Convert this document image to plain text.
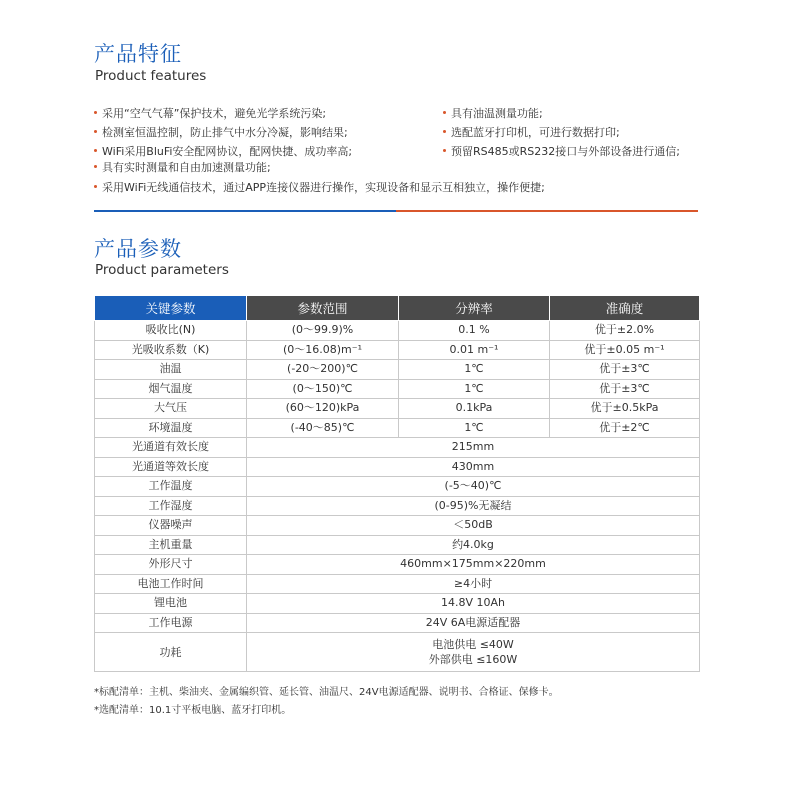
产品特征
Product features
采用“空气气幕”保护技术，避免光学系统污染;
检测室恒温控制，防止排气中水分冷凝，影响结果;
WiFi采用BluFi安全配网协议，配网快捷、成功率高;
具有实时测量和自由加速测量功能;
具有油温测量功能;
选配蓝牙打印机，可进行数据打印;
预留RS485或RS232接口与外部设备进行通信;
采用WiFi无线通信技术，通过APP连接仪器进行操作，实现设备和显示互相独立，操作便捷;
产品参数
Product parameters
关键参数	参数范围	分辨率	准确度
吸收比(N)	(0～99.9)%	0.1 %	优于±2.0%
光吸收系数（K)	(0～16.08)m⁻¹	0.01 m⁻¹	优于±0.05 m⁻¹
油温	(-20～200)℃	1℃	优于±3℃
烟气温度	(0～150)℃	1℃	优于±3℃
大气压	(60～120)kPa	0.1kPa	优于±0.5kPa
环境温度	(-40～85)℃	1℃	优于±2℃
光通道有效长度	215mm		
光通道等效长度	430mm		
工作温度	(-5～40)℃		
工作湿度	(0-95)%无凝结		
仪器噪声	＜50dB		
主机重量	约4.0kg		
外形尺寸	460mm×175mm×220mm		
电池工作时间	≥4小时		
锂电池	14.8V 10Ah		
工作电源	24V 6A电源适配器		
功耗	电池供电 ≤40W
外部供电 ≤160W		
*标配清单：主机、柴油夹、金属编织管、延长管、油温尺、24V电源适配器、说明书、合格证、保修卡。
*选配清单：10.1寸平板电脑、蓝牙打印机。
